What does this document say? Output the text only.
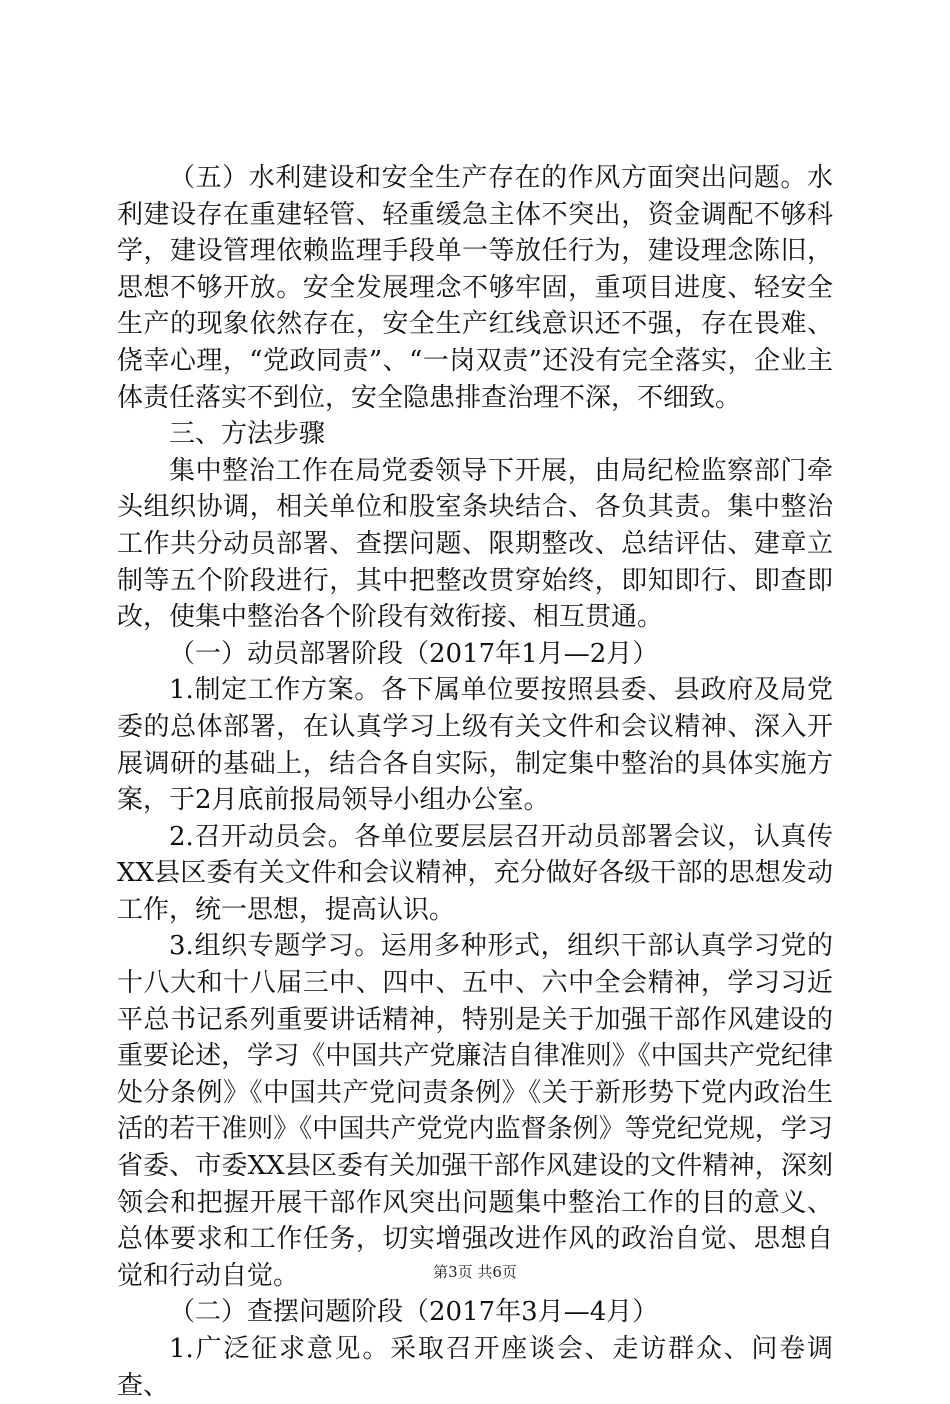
（五）水利建设和安全生产存在的作风方面突出问题。水利建设存在重建轻管、轻重缓急主体不突出，资金调配不够科学，建设管理依赖监理手段单一等放任行为，建设理念陈旧，思想不够开放。安全发展理念不够牢固，重项目进度、轻安全生产的现象依然存在，安全生产红线意识还不强，存在畏难、侥幸心理，“党政同责”、“一岗双责”还没有完全落实，企业主体责任落实不到位，安全隐患排查治理不深，不细致。

三、方法步骤

集中整治工作在局党委领导下开展，由局纪检监察部门牵头组织协调，相关单位和股室条块结合、各负其责。集中整治工作共分动员部署、查摆问题、限期整改、总结评估、建章立制等五个阶段进行，其中把整改贯穿始终，即知即行、即查即改，使集中整治各个阶段有效衔接、相互贯通。

（一）动员部署阶段（2017年1月—2月）

1.制定工作方案。各下属单位要按照县委、县政府及局党委的总体部署，在认真学习上级有关文件和会议精神、深入开展调研的基础上，结合各自实际，制定集中整治的具体实施方案，于2月底前报局领导小组办公室。

2.召开动员会。各单位要层层召开动员部署会议，认真传XX县区委有关文件和会议精神，充分做好各级干部的思想发动工作，统一思想，提高认识。

3.组织专题学习。运用多种形式，组织干部认真学习党的十八大和十八届三中、四中、五中、六中全会精神，学习习近平总书记系列重要讲话精神，特别是关于加强干部作风建设的重要论述，学习《中国共产党廉洁自律准则》《中国共产党纪律处分条例》《中国共产党问责条例》《关于新形势下党内政治生活的若干准则》《中国共产党党内监督条例》等党纪党规，学习省委、市委XX县区委有关加强干部作风建设的文件精神，深刻领会和把握开展干部作风突出问题集中整治工作的目的意义、总体要求和工作任务，切实增强改进作风的政治自觉、思想自觉和行动自觉。

（二）查摆问题阶段（2017年3月—4月）

1.广泛征求意见。采取召开座谈会、走访群众、问卷调查、

第3页 共6页
